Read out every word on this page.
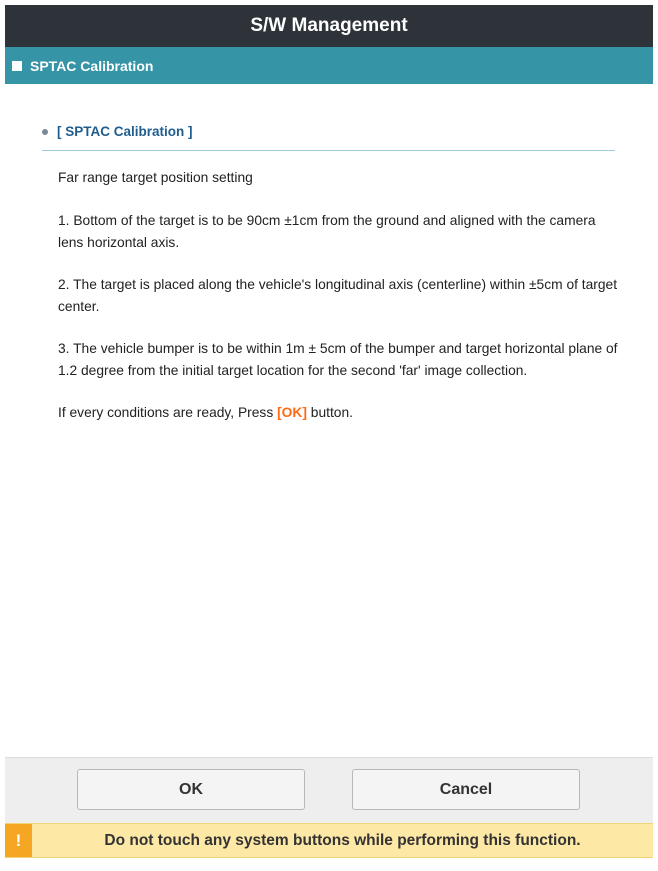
S/W Management
SPTAC Calibration
[ SPTAC Calibration ]

Far range target position setting

1. Bottom of the target is to be 90cm ±1cm from the ground and aligned with the camera lens horizontal axis.

2. The target is placed along the vehicle's longitudinal axis (centerline) within ±5cm of target center.

3. The vehicle bumper is to be within 1m ± 5cm of the bumper and target horizontal plane of 1.2 degree from the initial target location for the second 'far' image collection.

If every conditions are ready, Press [OK] button.

OK	Cancel
!	Do not touch any system buttons while performing this function.
